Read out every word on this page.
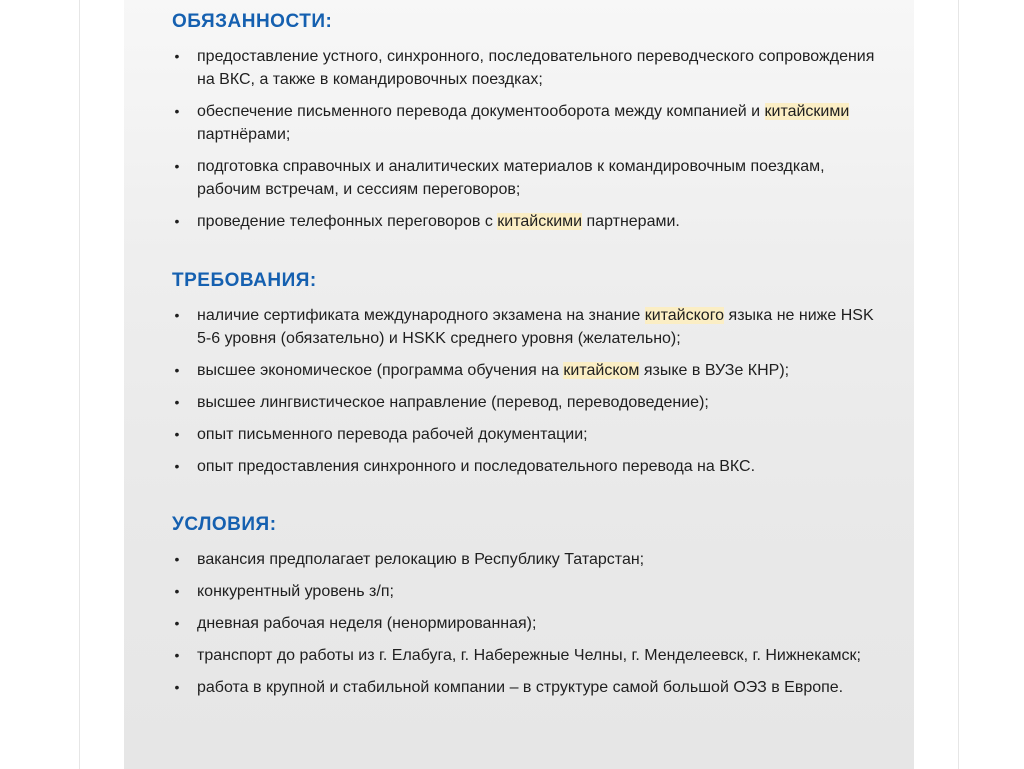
ОБЯЗАННОСТИ:
• предоставление устного, синхронного, последовательного переводческого сопровождения на ВКС, а также в командировочных поездках;
• обеспечение письменного перевода документооборота между компанией и китайскими партнёрами;
• подготовка справочных и аналитических материалов к командировочным поездкам, рабочим встречам, и сессиям переговоров;
• проведение телефонных переговоров с китайскими партнерами.
ТРЕБОВАНИЯ:
• наличие сертификата международного экзамена на знание китайского языка не ниже HSK 5-6 уровня (обязательно) и HSKK среднего уровня (желательно);
• высшее экономическое (программа обучения на китайском языке в ВУЗе КНР);
• высшее лингвистическое направление (перевод, переводоведение);
• опыт письменного перевода рабочей документации;
• опыт предоставления синхронного и последовательного перевода на ВКС.
УСЛОВИЯ:
• вакансия предполагает релокацию в Республику Татарстан;
• конкурентный уровень з/п;
• дневная рабочая неделя (ненормированная);
• транспорт до работы из г. Елабуга, г. Набережные Челны, г. Менделеевск, г. Нижнекамск;
• работа в крупной и стабильной компании – в структуре самой большой ОЭЗ в Европе.
